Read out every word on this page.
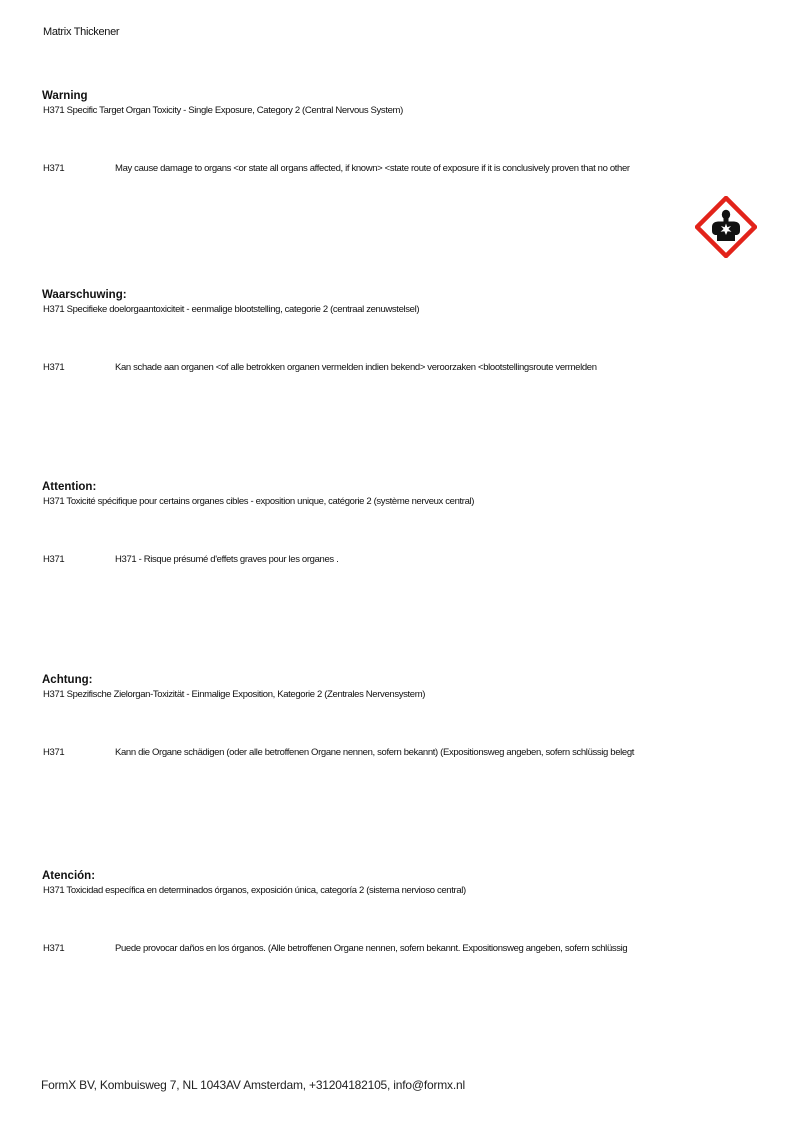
Matrix Thickener
Warning
H371 Specific Target Organ Toxicity - Single Exposure, Category 2 (Central Nervous System)
H371	May cause damage to organs <or state all organs affected, if known> <state route of exposure if it is conclusively proven that no other
Waarschuwing:
H371 Specifieke doelorgaantoxiciteit - eenmalige blootstelling, categorie 2 (centraal zenuwstelsel)
H371	Kan schade aan organen <of alle betrokken organen vermelden indien bekend> veroorzaken <blootstellingsroute vermelden
Attention:
H371 Toxicité spécifique pour certains organes cibles - exposition unique, catégorie 2 (système nerveux central)
H371	H371 - Risque présumé d'effets graves pour les organes .
Achtung:
H371 Spezifische Zielorgan-Toxizität - Einmalige Exposition, Kategorie 2 (Zentrales Nervensystem)
H371	Kann die Organe schädigen (oder alle betroffenen Organe nennen, sofern bekannt) (Expositionsweg angeben, sofern schlüssig belegt
Atención:
H371 Toxicidad específica en determinados órganos, exposición única, categoría 2 (sistema nervioso central)
H371	Puede provocar daños en los órganos. (Alle betroffenen Organe nennen, sofern bekannt. Expositionsweg angeben, sofern schlüssig
FormX BV, Kombuisweg 7, NL 1043AV Amsterdam, +31204182105, info@formx.nl
